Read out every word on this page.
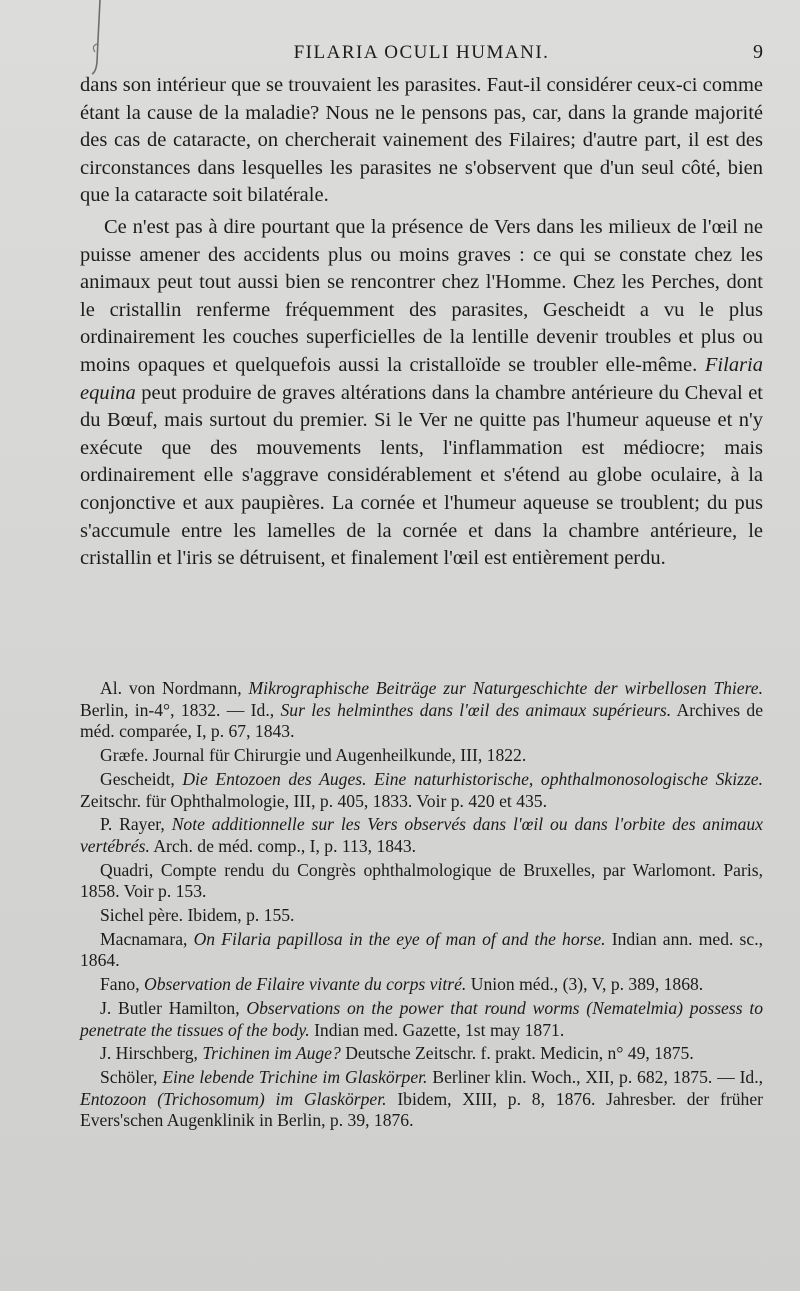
FILARIA OCULI HUMANI.	9

dans son intérieur que se trouvaient les parasites. Faut-il considérer ceux-ci comme étant la cause de la maladie? Nous ne le pensons pas, car, dans la grande majorité des cas de cataracte, on chercherait vainement des Filaires; d'autre part, il est des circonstances dans lesquelles les parasites ne s'observent que d'un seul côté, bien que la cataracte soit bilatérale.

Ce n'est pas à dire pourtant que la présence de Vers dans les milieux de l'œil ne puisse amener des accidents plus ou moins graves : ce qui se constate chez les animaux peut tout aussi bien se rencontrer chez l'Homme. Chez les Perches, dont le cristallin renferme fréquemment des parasites, Gescheidt a vu le plus ordinairement les couches superficielles de la lentille devenir troubles et plus ou moins opaques et quelquefois aussi la cristalloïde se troubler elle-même. Filaria equina peut produire de graves altérations dans la chambre antérieure du Cheval et du Bœuf, mais surtout du premier. Si le Ver ne quitte pas l'humeur aqueuse et n'y exécute que des mouvements lents, l'inflammation est médiocre; mais ordinairement elle s'aggrave considérablement et s'étend au globe oculaire, à la conjonctive et aux paupières. La cornée et l'humeur aqueuse se troublent; du pus s'accumule entre les lamelles de la cornée et dans la chambre antérieure, le cristallin et l'iris se détruisent, et finalement l'œil est entièrement perdu.

Al. von Nordmann, Mikrographische Beiträge zur Naturgeschichte der wirbellosen Thiere. Berlin, in-4°, 1832. — Id., Sur les helminthes dans l'œil des animaux supérieurs. Archives de méd. comparée, I, p. 67, 1843.

Græfe. Journal für Chirurgie und Augenheilkunde, III, 1822.

Gescheidt, Die Entozoen des Auges. Eine naturhistorische, ophthalmonosologische Skizze. Zeitschr. für Ophthalmologie, III, p. 405, 1833. Voir p. 420 et 435.

P. Rayer, Note additionnelle sur les Vers observés dans l'œil ou dans l'orbite des animaux vertébrés. Arch. de méd. comp., I, p. 113, 1843.

Quadri, Compte rendu du Congrès ophthalmologique de Bruxelles, par Warlomont. Paris, 1858. Voir p. 153.

Sichel père. Ibidem, p. 155.

Macnamara, On Filaria papillosa in the eye of man of and the horse. Indian ann. med. sc., 1864.

Fano, Observation de Filaire vivante du corps vitré. Union méd., (3), V, p. 389, 1868.

J. Butler Hamilton, Observations on the power that round worms (Nematelmia) possess to penetrate the tissues of the body. Indian med. Gazette, 1st may 1871.

J. Hirschberg, Trichinen im Auge? Deutsche Zeitschr. f. prakt. Medicin, n° 49, 1875.

Schöler, Eine lebende Trichine im Glaskörper. Berliner klin. Woch., XII, p. 682, 1875. — Id., Entozoon (Trichosomum) im Glaskörper. Ibidem, XIII, p. 8, 1876. Jahresber. der früher Evers'schen Augenklinik in Berlin, p. 39, 1876.
